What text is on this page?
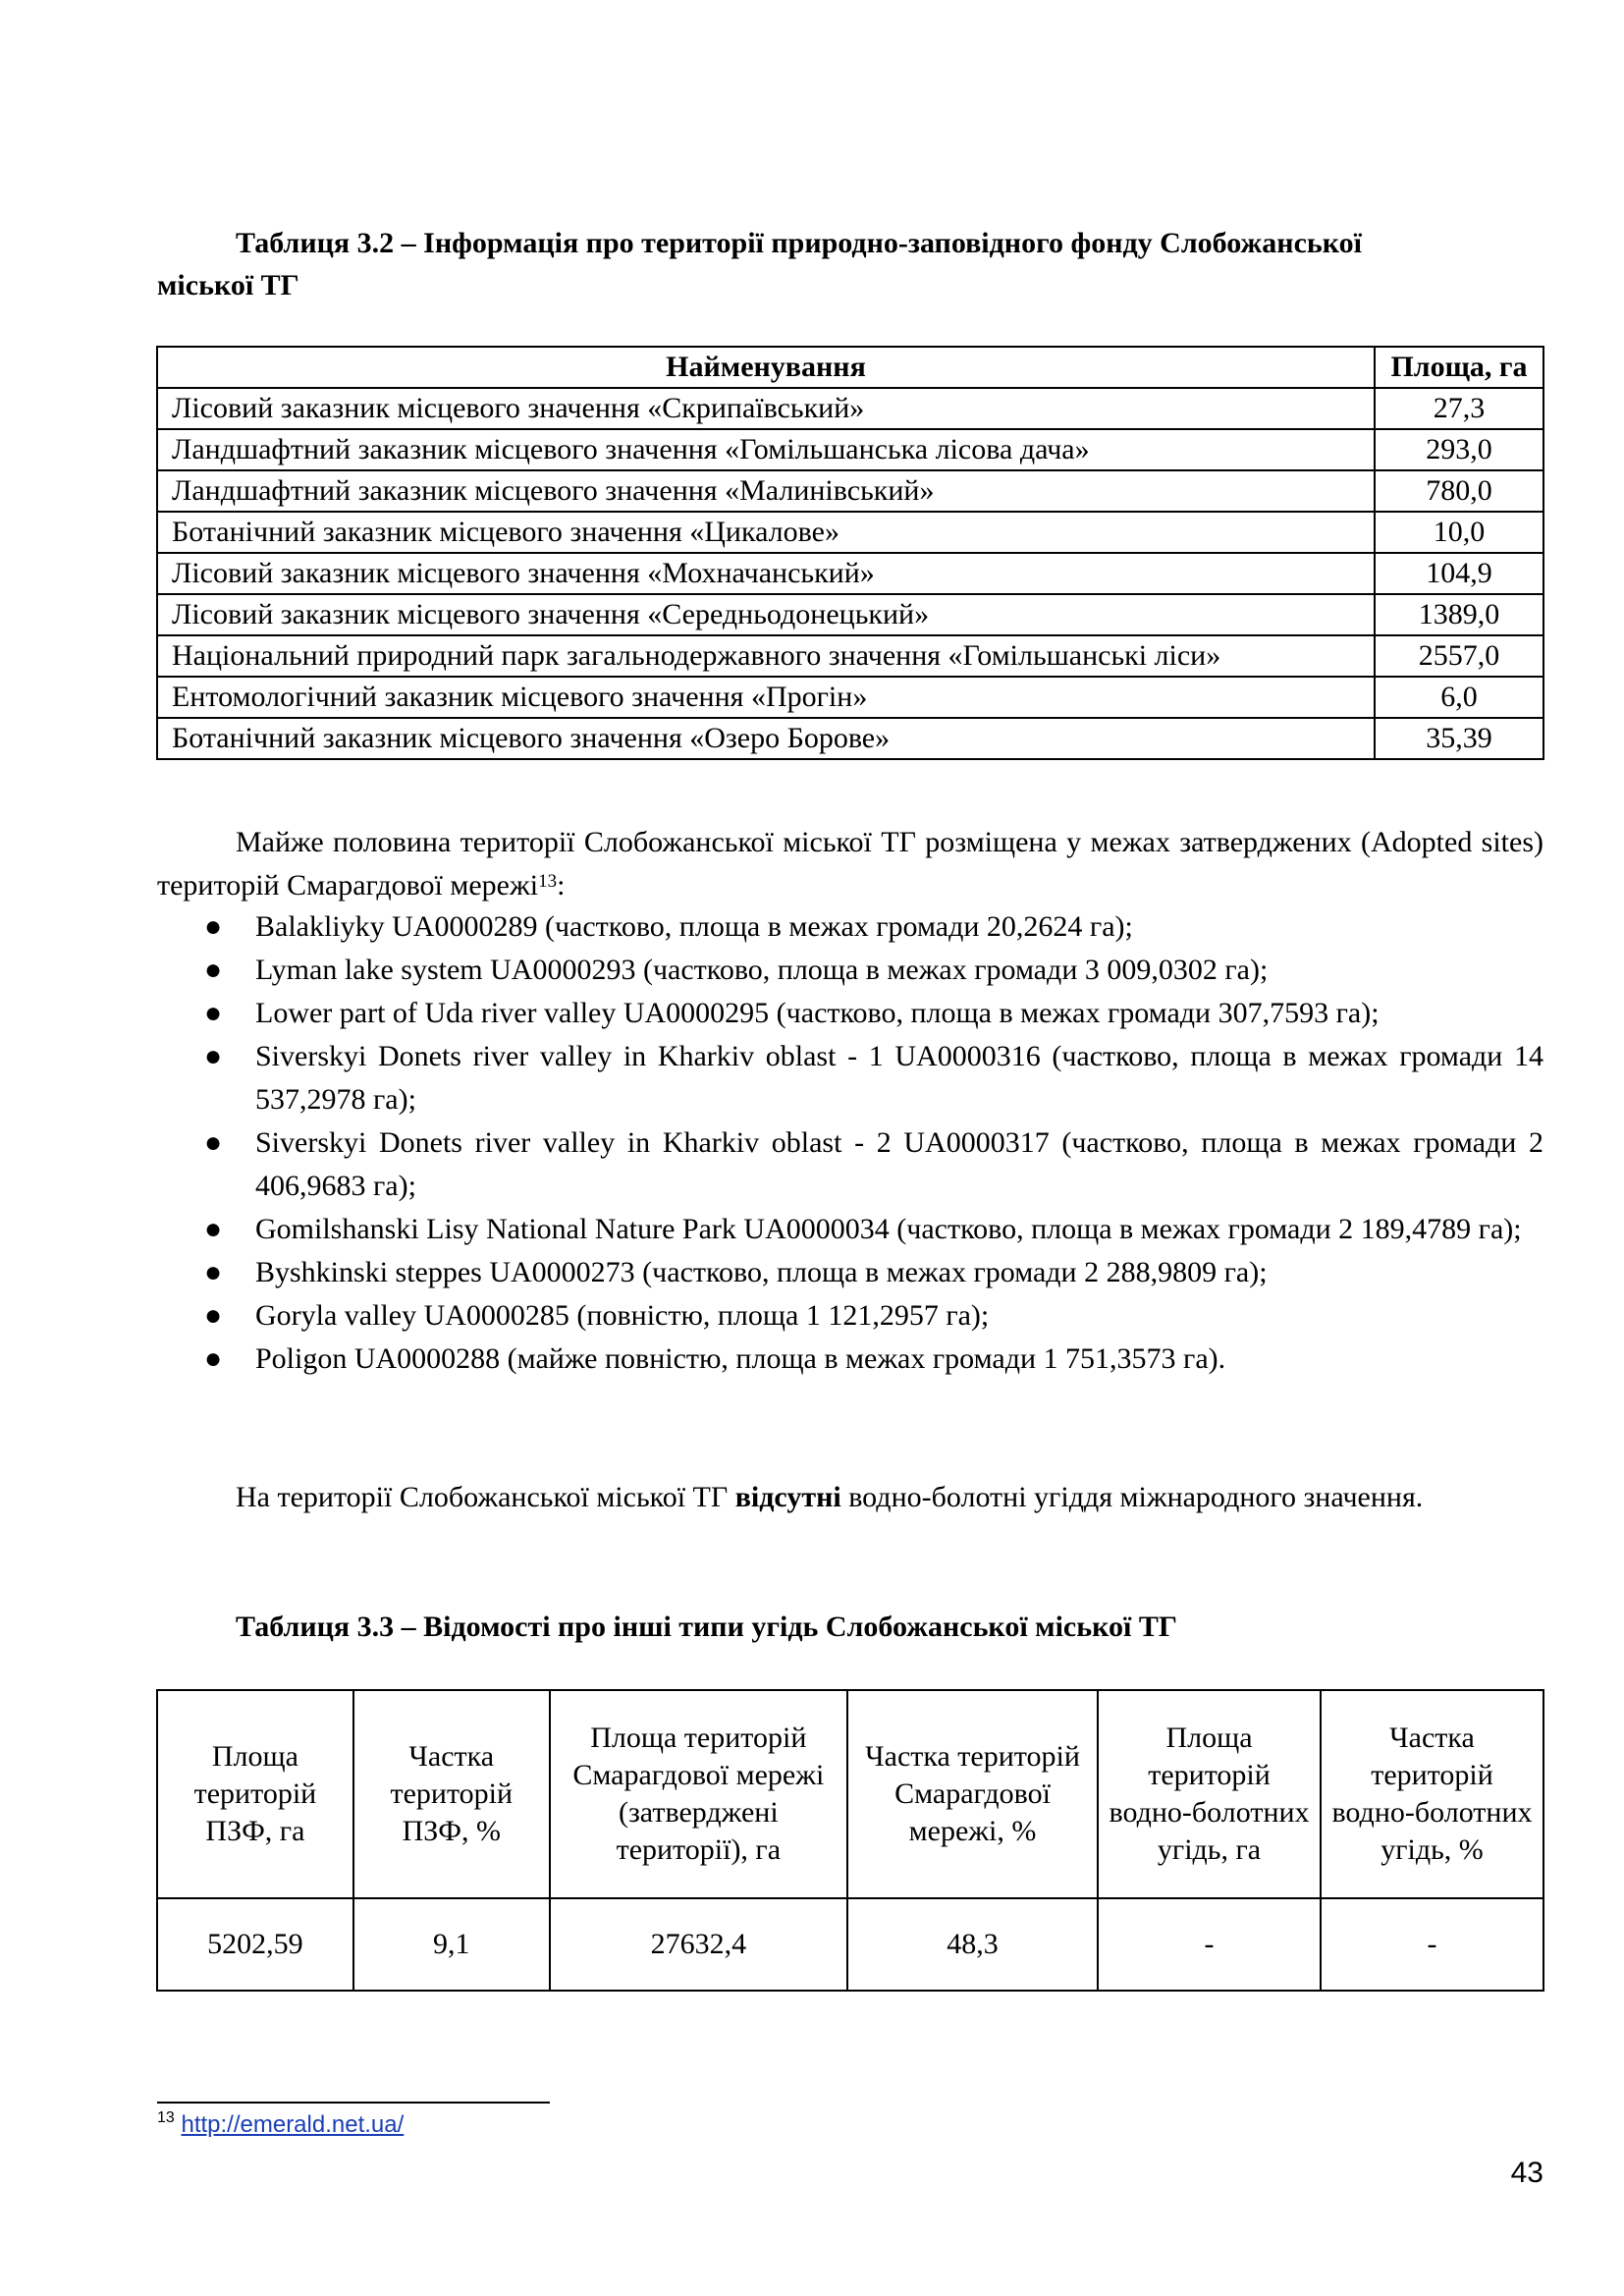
Таблиця 3.2 – Інформація про території природно-заповідного фонду Слобожанської
міської ТГ
Найменування	Площа, га
Лісовий заказник місцевого значення «Скрипаївський»	27,3
Ландшафтний заказник місцевого значення «Гомільшанська лісова дача»	293,0
Ландшафтний заказник місцевого значення «Малинівський»	780,0
Ботанічний заказник місцевого значення «Цикалове»	10,0
Лісовий заказник місцевого значення «Мохначанський»	104,9
Лісовий заказник місцевого значення «Середньодонецький»	1389,0
Національний природний парк загальнодержавного значення «Гомільшанські ліси»	2557,0
Ентомологічний заказник місцевого значення «Прогін»	6,0
Ботанічний заказник місцевого значення «Озеро Борове»	35,39
Майже половина території Слобожанської міської ТГ розміщена у межах затверджених (Adopted sites) територій Смарагдової мережі$^{13}$:
● Balakliyky UA0000289 (частково, площа в межах громади 20,2624 га);
● Lyman lake system UA0000293 (частково, площа в межах громади 3 009,0302 га);
● Lower part of Uda river valley UA0000295 (частково, площа в межах громади 307,7593 га);
● Siverskyi Donets river valley in Kharkiv oblast - 1 UA0000316 (частково, площа в межах громади 14 537,2978 га);
● Siverskyi Donets river valley in Kharkiv oblast - 2 UA0000317 (частково, площа в межах громади 2 406,9683 га);
● Gomilshanski Lisy National Nature Park UA0000034 (частково, площа в межах громади 2 189,4789 га);
● Byshkinski steppes UA0000273 (частково, площа в межах громади 2 288,9809 га);
● Goryla valley UA0000285 (повністю, площа 1 121,2957 га);
● Poligon UA0000288 (майже повністю, площа в межах громади 1 751,3573 га).
На території Слобожанської міської ТГ відсутні водно-болотні угіддя міжнародного значення.
Таблиця 3.3 – Відомості про інші типи угідь Слобожанської міської ТГ
Площа територій ПЗФ, га	Частка територій ПЗФ, %	Площа територій Смарагдової мережі (затверджені території), га	Частка територій Смарагдової мережі, %	Площа територій водно-болотних угідь, га	Частка територій водно-болотних угідь, %
5202,59	9,1	27632,4	48,3	-	-
$^{13}$ http://emerald.net.ua/
43
